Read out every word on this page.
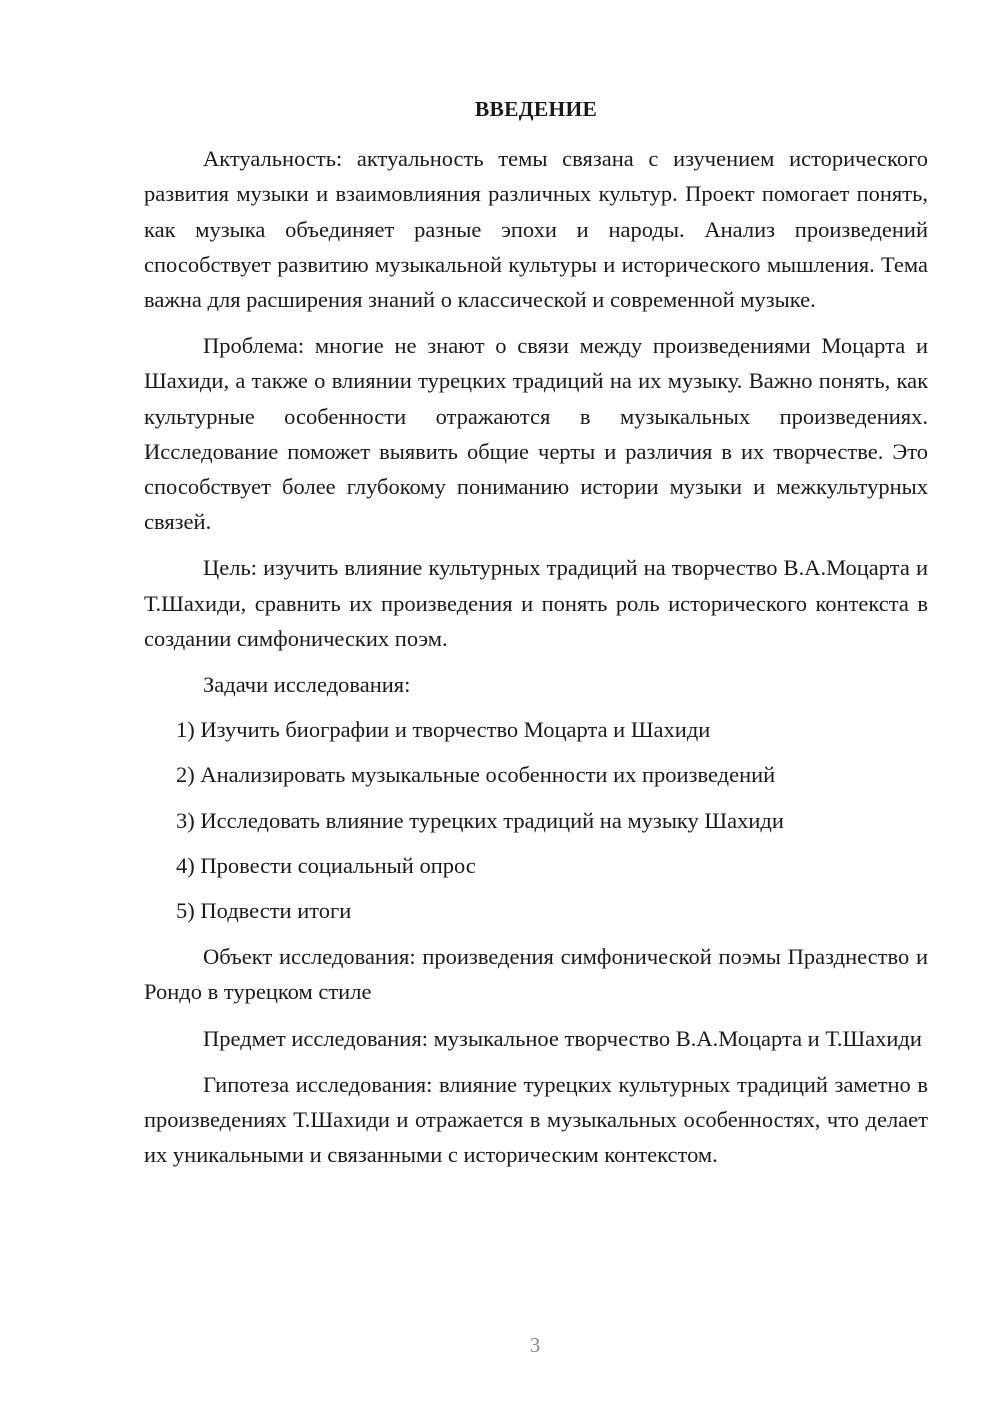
ВВЕДЕНИЕ

Актуальность: актуальность темы связана с изучением исторического развития музыки и взаимовлияния различных культур. Проект помогает понять, как музыка объединяет разные эпохи и народы. Анализ произведений способствует развитию музыкальной культуры и исторического мышления. Тема важна для расширения знаний о классической и современной музыке.

Проблема: многие не знают о связи между произведениями Моцарта и Шахиди, а также о влиянии турецких традиций на их музыку. Важно понять, как культурные особенности отражаются в музыкальных произведениях. Исследование поможет выявить общие черты и различия в их творчестве. Это способствует более глубокому пониманию истории музыки и межкультурных связей.

Цель: изучить влияние культурных традиций на творчество В.А.Моцарта и Т.Шахиди, сравнить их произведения и понять роль исторического контекста в создании симфонических поэм.

Задачи исследования:

1) Изучить биографии и творчество Моцарта и Шахиди
2) Анализировать музыкальные особенности их произведений
3) Исследовать влияние турецких традиций на музыку Шахиди
4) Провести социальный опрос
5) Подвести итоги

Объект исследования: произведения симфонической поэмы Празднество и Рондо в турецком стиле

Предмет исследования: музыкальное творчество В.А.Моцарта и Т.Шахиди

Гипотеза исследования: влияние турецких культурных традиций заметно в произведениях Т.Шахиди и отражается в музыкальных особенностях, что делает их уникальными и связанными с историческим контекстом.

3
